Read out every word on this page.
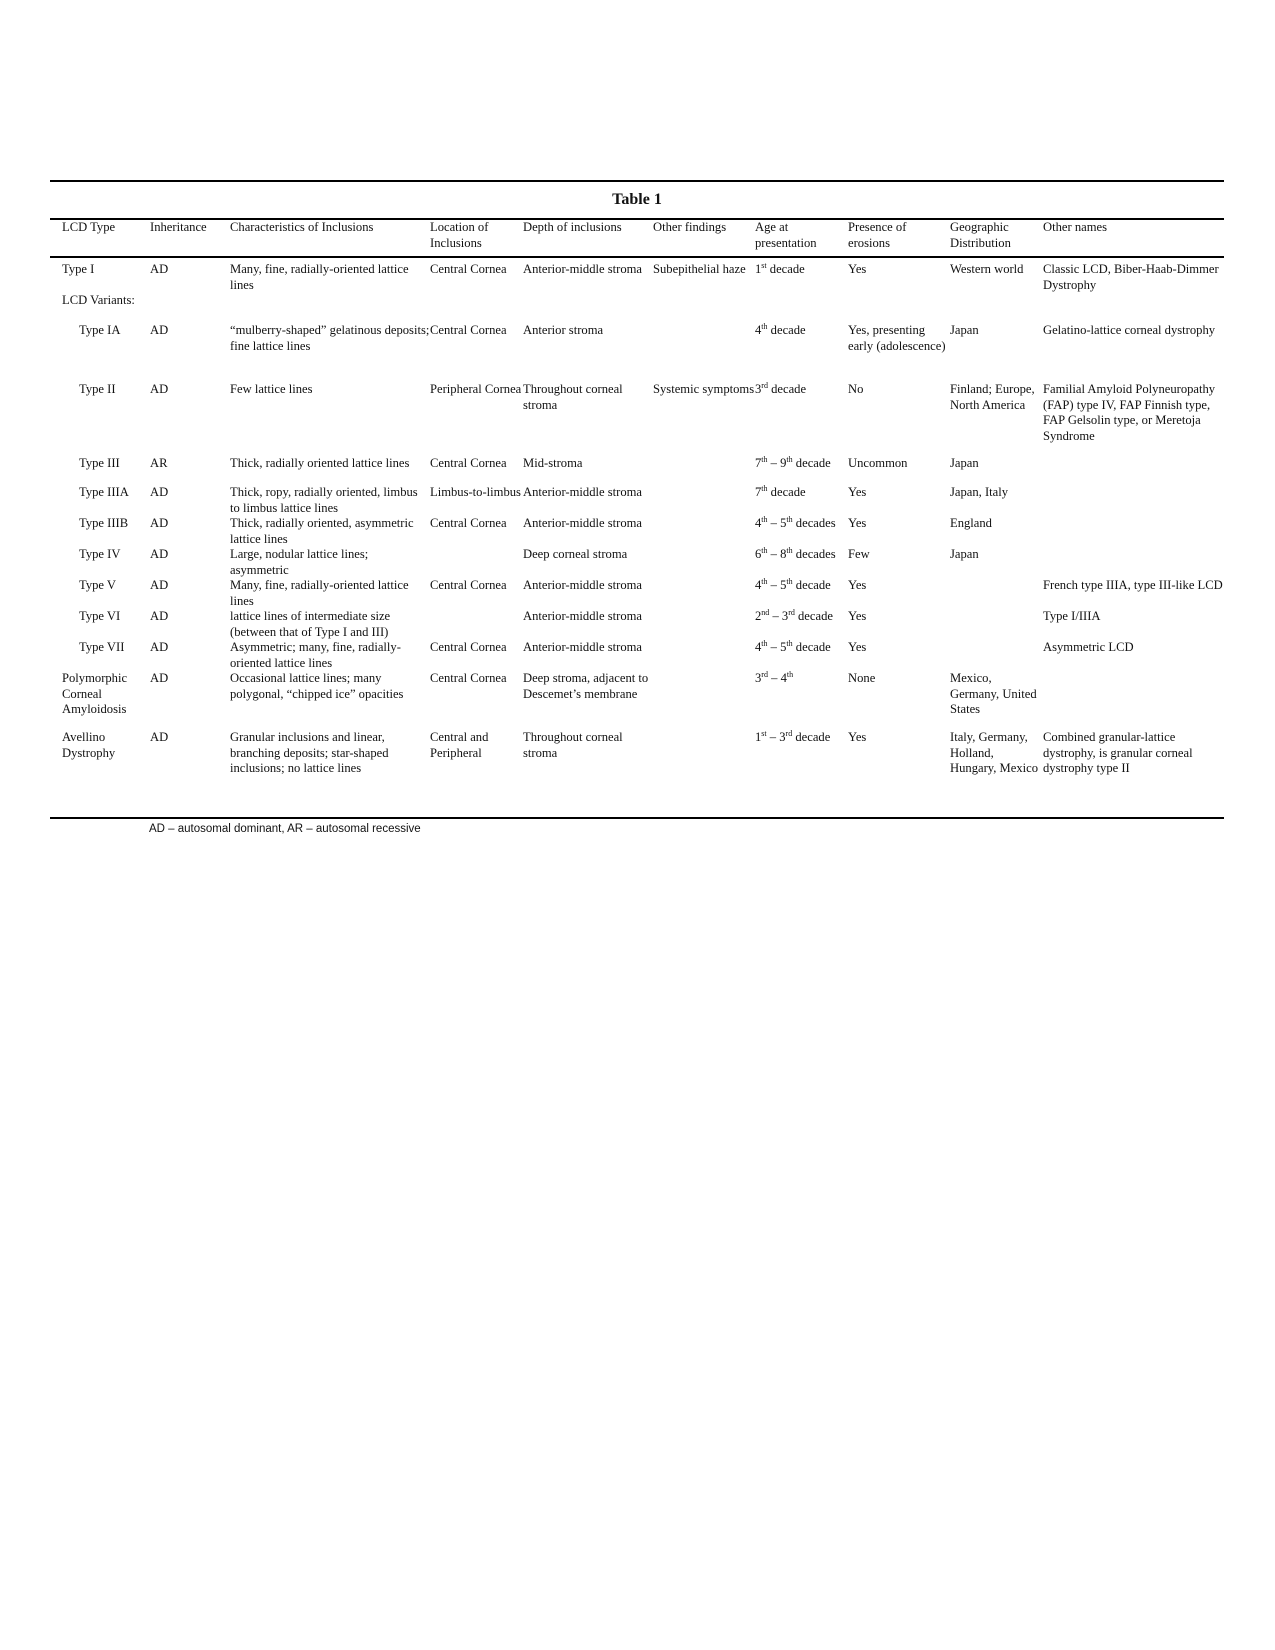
Table 1
LCD Type	Inheritance	Characteristics of Inclusions	Location of Inclusions	Depth of inclusions	Other findings	Age at presentation	Presence of erosions	Geographic Distribution	Other names
Type I	AD	Many, fine, radially-oriented lattice lines	Central Cornea	Anterior-middle stroma	Subepithelial haze	1st decade	Yes	Western world	Classic LCD, Biber-Haab-Dimmer Dystrophy
LCD Variants:									
Type IA	AD	“mulberry-shaped” gelatinous deposits; fine lattice lines	Central Cornea	Anterior stroma		4th decade	Yes, presenting early (adolescence)	Japan	Gelatino-lattice corneal dystrophy
Type II	AD	Few lattice lines	Peripheral Cornea	Throughout corneal stroma	Systemic symptoms	3rd decade	No	Finland; Europe, North America	Familial Amyloid Polyneuropathy (FAP) type IV, FAP Finnish type, FAP Gelsolin type, or Meretoja Syndrome
Type III	AR	Thick, radially oriented lattice lines	Central Cornea	Mid-stroma		7th – 9th decade	Uncommon	Japan	
Type IIIA	AD	Thick, ropy, radially oriented, limbus to limbus lattice lines	Limbus-to-limbus	Anterior-middle stroma		7th decade	Yes	Japan, Italy	
Type IIIB	AD	Thick, radially oriented, asymmetric lattice lines	Central Cornea	Anterior-middle stroma		4th – 5th decades	Yes	England	
Type IV	AD	Large, nodular lattice lines; asymmetric		Deep corneal stroma		6th – 8th decades	Few	Japan	
Type V	AD	Many, fine, radially-oriented lattice lines	Central Cornea	Anterior-middle stroma		4th – 5th decade	Yes		French type IIIA, type III-like LCD
Type VI	AD	lattice lines of intermediate size (between that of Type I and III)		Anterior-middle stroma		2nd – 3rd decade	Yes		Type I/IIIA
Type VII	AD	Asymmetric; many, fine, radially-oriented lattice lines	Central Cornea	Anterior-middle stroma		4th – 5th decade	Yes		Asymmetric LCD
Polymorphic Corneal Amyloidosis	AD	Occasional lattice lines; many polygonal, “chipped ice” opacities	Central Cornea	Deep stroma, adjacent to Descemet’s membrane		3rd – 4th	None	Mexico, Germany, United States	
Avellino Dystrophy	AD	Granular inclusions and linear, branching deposits; star-shaped inclusions; no lattice lines	Central and Peripheral	Throughout corneal stroma		1st – 3rd decade	Yes	Italy, Germany, Holland, Hungary, Mexico	Combined granular-lattice dystrophy, is granular corneal dystrophy type II
AD – autosomal dominant, AR – autosomal recessive
